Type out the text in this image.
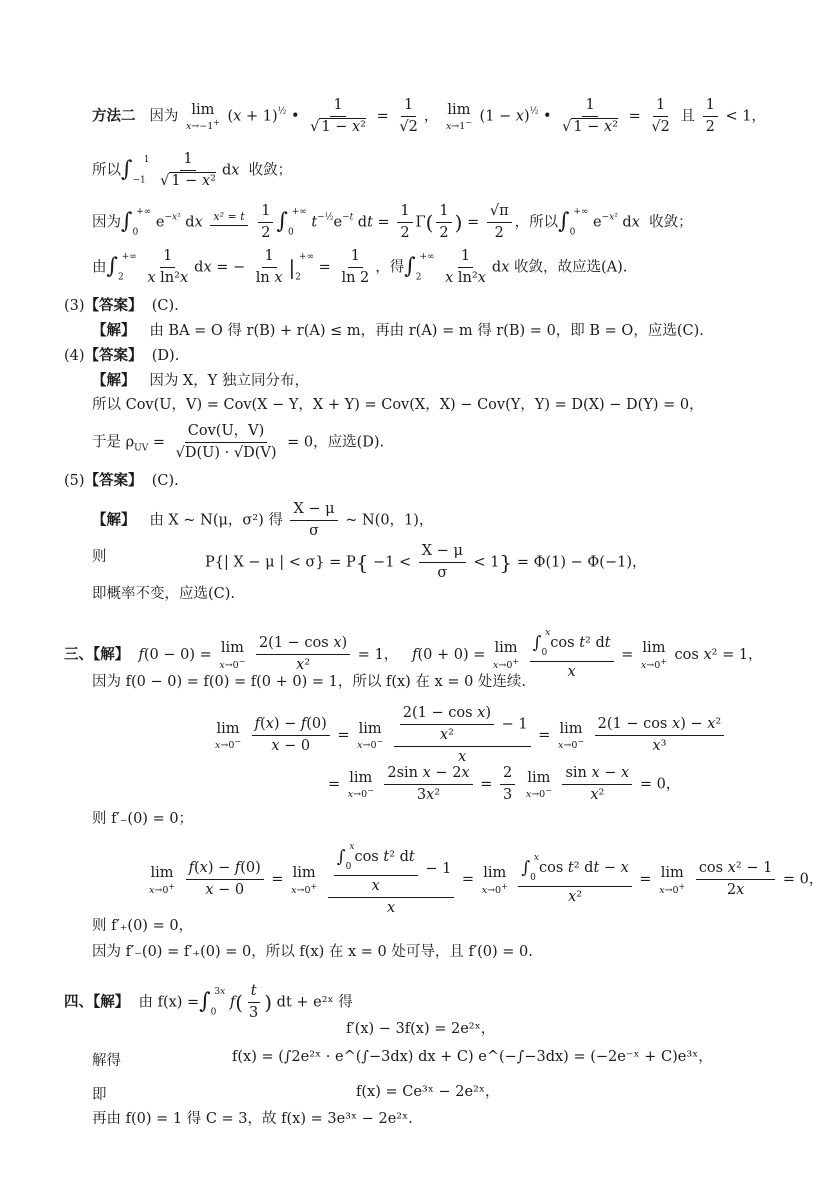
方法二 因为 lim
x→−1+ $(x + 1)^{\frac{1}{2}}$ • $\frac{1}{\text{√ 1 − x²}} = \frac{1}{√2}$ ， lim
x→1− $(1 - x)^{\frac{1}{2}}$ • $\frac{1}{\text{√ 1 − x²}} = \frac{1}{√2}$ 且 $\frac{1}{2} < 1$，
所以$\int_{-1}^1 \frac{1}{\text{√ 1 − x²}}$ dx 收敛；
因为$\int_0^{+\infty}$ $e^{-x^2}$ dx x² = t

$\frac{1}{2} \int_0^{+\infty}$ $t^{-\frac{1}{2}}e^{-t}$ dt = $\frac{1}{2} \Gamma( \frac{1}{2}$ ) = $\frac{√\pi}{2}$ ，所以$\int_0^{+\infty}$ $e^{-x^2}$ dx 收敛；
由$\int_2^{+\infty} \frac{1}{\text{x ln²x}}$ dx = − $\frac{1}{\text{ln x}} |_2^{+\infty} = \frac{1}{\ln 2}$ ，得$\int_2^{+\infty} \frac{1}{\text{x ln²x}}$ dx 收敛，故应选(A).
(3)【答案】 (C).
【解】 由 BA = O 得 r(B) + r(A) ≤ m，再由 r(A) = m 得 r(B) = 0，即 B = O，应选(C).
(4)【答案】 (D).
【解】 因为 X，Y 独立同分布，
所以 Cov(U，V) = Cov(X − Y，X + Y) = Cov(X，X) − Cov(Y，Y) = D(X) − D(Y) = 0，
于是 $\rho_{UV} = \frac{\text{Cov(U，V)}}{√D(U) \cdot √D(V)} = 0$，应选(D).
(5)【答案】 (C).
【解】 由 X ~ N(μ，σ²) 得 $\frac{X - \mu}{\sigma}$ ~ N(0，1)，
则	P{| X − μ | < $\sigma\} = P\{ -1 < \frac{X - \mu}{\sigma} < 1\} = \Phi(1) - \Phi(-1)$，
即概率不变，应选(C).
三、【解】 f(0 − 0) = lim
x→0−
$\frac{\text{2(1 − cos x)}}{\text{x²}} = 1$，   f(0 + 0) = lim
x→0+
$\frac{\int_0^x\cos t^2 dt}{x} = \lim$
x→0+ cos x² = 1，
因为 f(0 − 0) = f(0) = f(0 + 0) = 1，所以 f(x) 在 x = 0 处连续.
lim
x→0−
$\frac{f(x) - f(0)}{x - 0} = \lim$
x→0−
$\frac{\frac{\text{2(1 − cos x)}}{\text{x²}} - 1}{x} = \lim$
x→0−
$\frac{\text{2(1 − cos x) − x²}}{\text{x³}}$
= lim
x→0−
$\frac{\text{2sin x − 2x}}{\text{3x²}} = \frac{2}{3}$
lim
x→0−
$\frac{\text{sin x − x}}{\text{x²}} = 0$，
则 f′₋(0) = 0；
lim
x→0+
$\frac{f(x) - f(0)}{x - 0} = \lim$
x→0+
$\frac{\frac{\int_0^x\cos t^2 dt}{x} - 1}{x} = \lim$
x→0+
$\frac{\int_0^x\cos t^2 dt - x}{\text{x²}} = \lim$
x→0+
$\frac{\text{cos x² − 1}}{2x} = 0$，
则 f′₊(0) = 0，
因为 f′₋(0) = f′₊(0) = 0，所以 f(x) 在 x = 0 处可导，且 f′(0) = 0.
四、【解】 由 $f(x) =\int_0^{3x}$ $f( \frac{t}{3}$ ) dt + e²ˣ 得
f′(x) − 3f(x) = 2e²ˣ，
解得	f(x) = (∫2e²ˣ · e^(∫−3dx) dx + C) e^(−∫−3dx) = (−2e⁻ˣ + C)e³ˣ，
即	f(x) = Ce³ˣ − 2e²ˣ，
再由 f(0) = 1 得 C = 3，故 f(x) = 3e³ˣ − 2e²ˣ.
